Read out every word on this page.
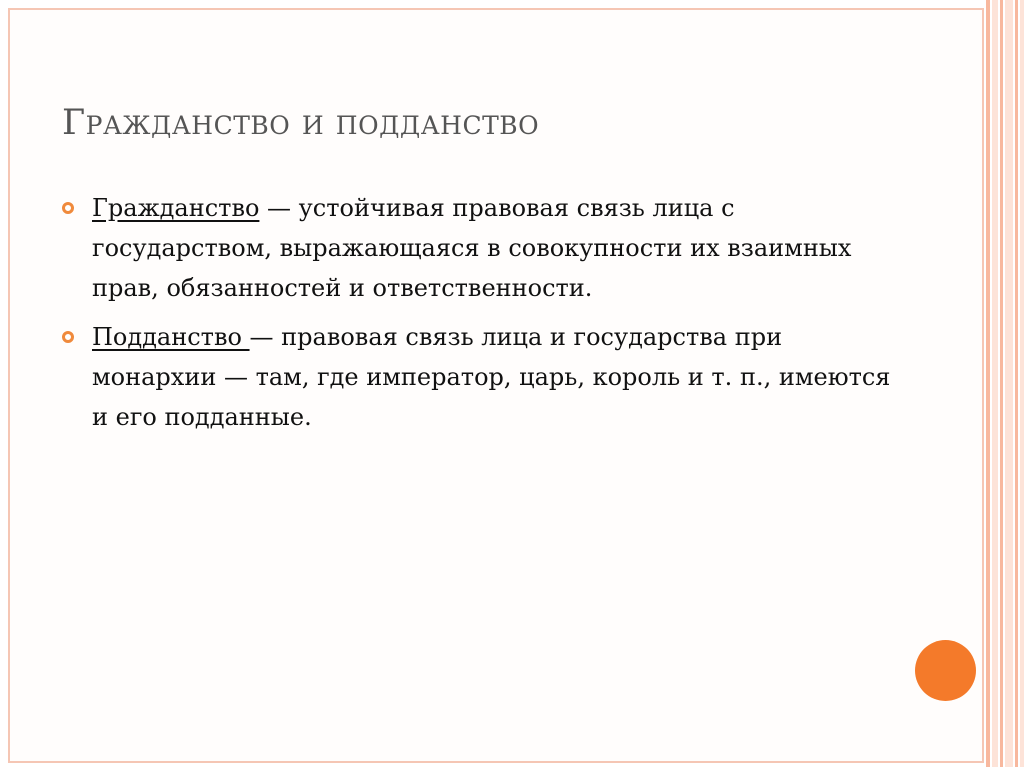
Гражданство и подданство
Гражданство — устойчивая правовая связь лица с государством, выражающаяся в совокупности их взаимных прав, обязанностей и ответственности.
Подданство — правовая связь лица и государства при монархии — там, где император, царь, король и т. п., имеются и его подданные.
